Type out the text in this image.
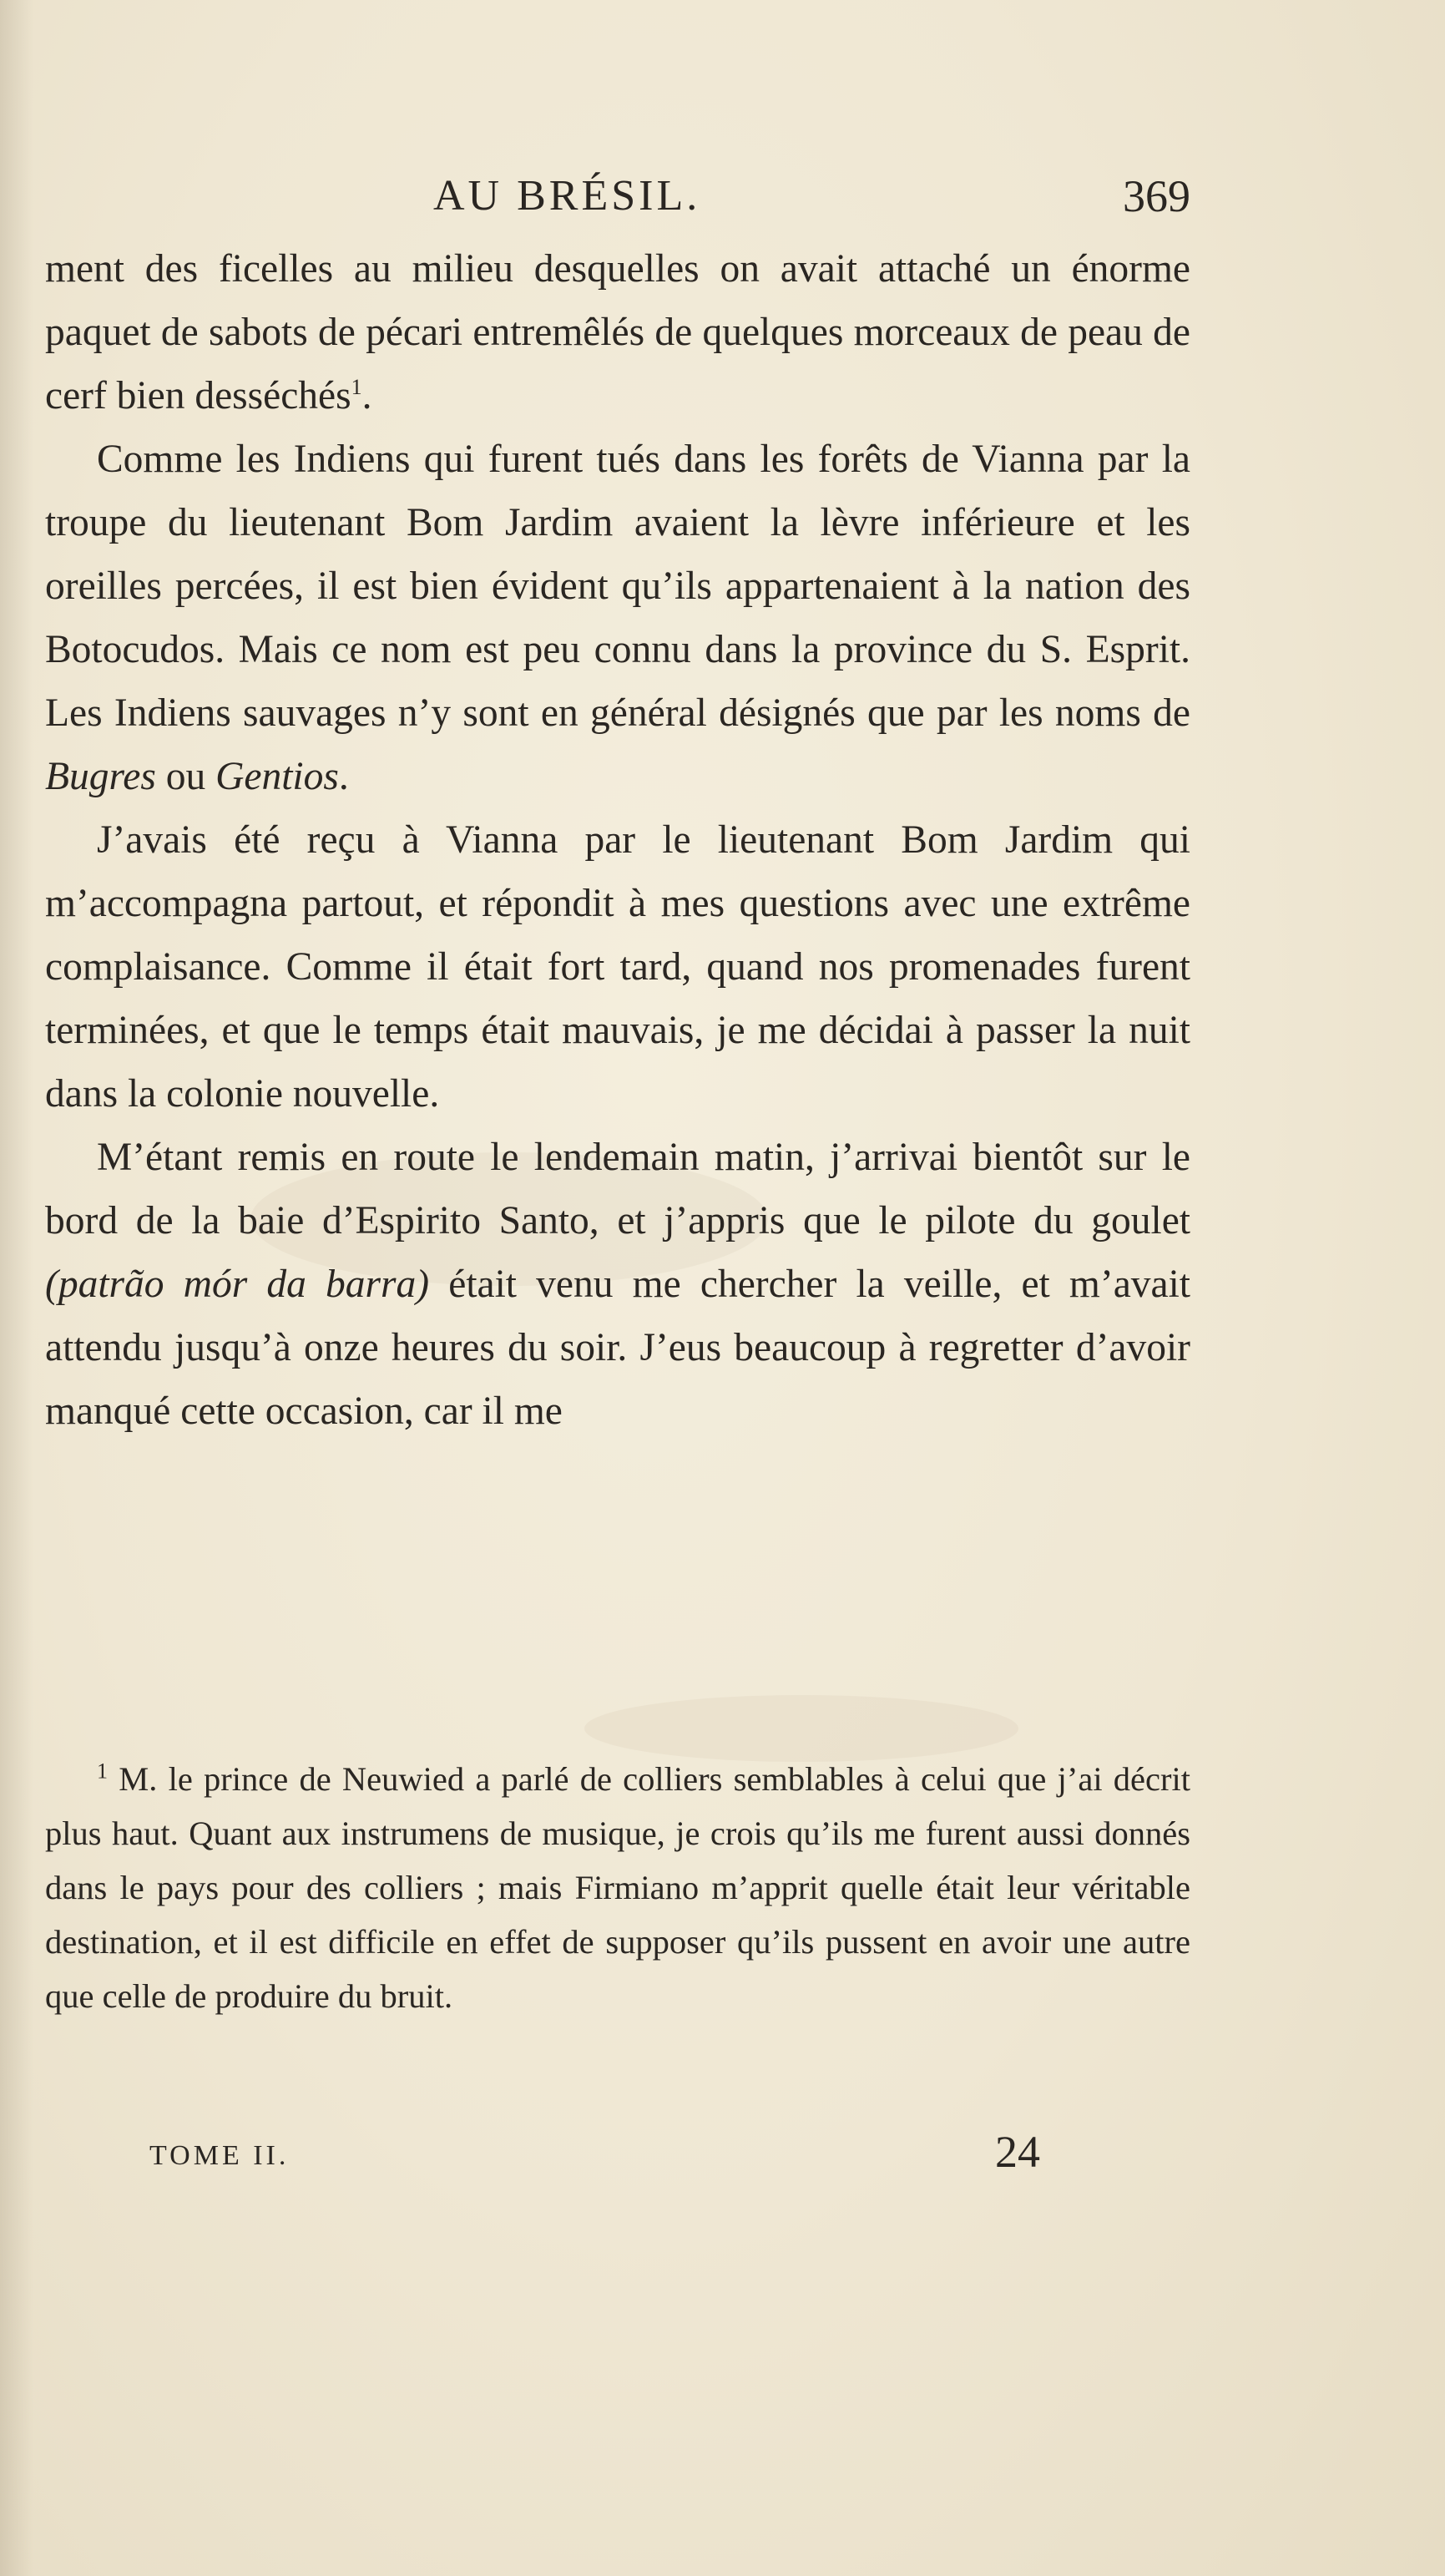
AU BRÉSIL.	369

ment des ficelles au milieu desquelles on avait attaché un énorme paquet de sabots de pécari entremêlés de quelques morceaux de peau de cerf bien desséchés$^1$.

Comme les Indiens qui furent tués dans les forêts de Vianna par la troupe du lieutenant Bom Jardim avaient la lèvre inférieure et les oreilles percées, il est bien évident qu’ils appartenaient à la nation des Botocudos. Mais ce nom est peu connu dans la province du S. Esprit. Les Indiens sauvages n’y sont en général désignés que par les noms de Bugres ou Gentios.

J’avais été reçu à Vianna par le lieutenant Bom Jardim qui m’accompagna partout, et répondit à mes questions avec une extrême complaisance. Comme il était fort tard, quand nos promenades furent terminées, et que le temps était mauvais, je me décidai à passer la nuit dans la colonie nouvelle.

M’étant remis en route le lendemain matin, j’arrivai bientôt sur le bord de la baie d’Espirito Santo, et j’appris que le pilote du goulet (patrão mór da barra) était venu me chercher la veille, et m’avait attendu jusqu’à onze heures du soir. J’eus beaucoup à regretter d’avoir manqué cette occasion, car il me

$^1$ M. le prince de Neuwied a parlé de colliers semblables à celui que j’ai décrit plus haut. Quant aux instrumens de musique, je crois qu’ils me furent aussi donnés dans le pays pour des colliers ; mais Firmiano m’apprit quelle était leur véritable destination, et il est difficile en effet de supposer qu’ils pussent en avoir une autre que celle de produire du bruit.

TOME II.	24
